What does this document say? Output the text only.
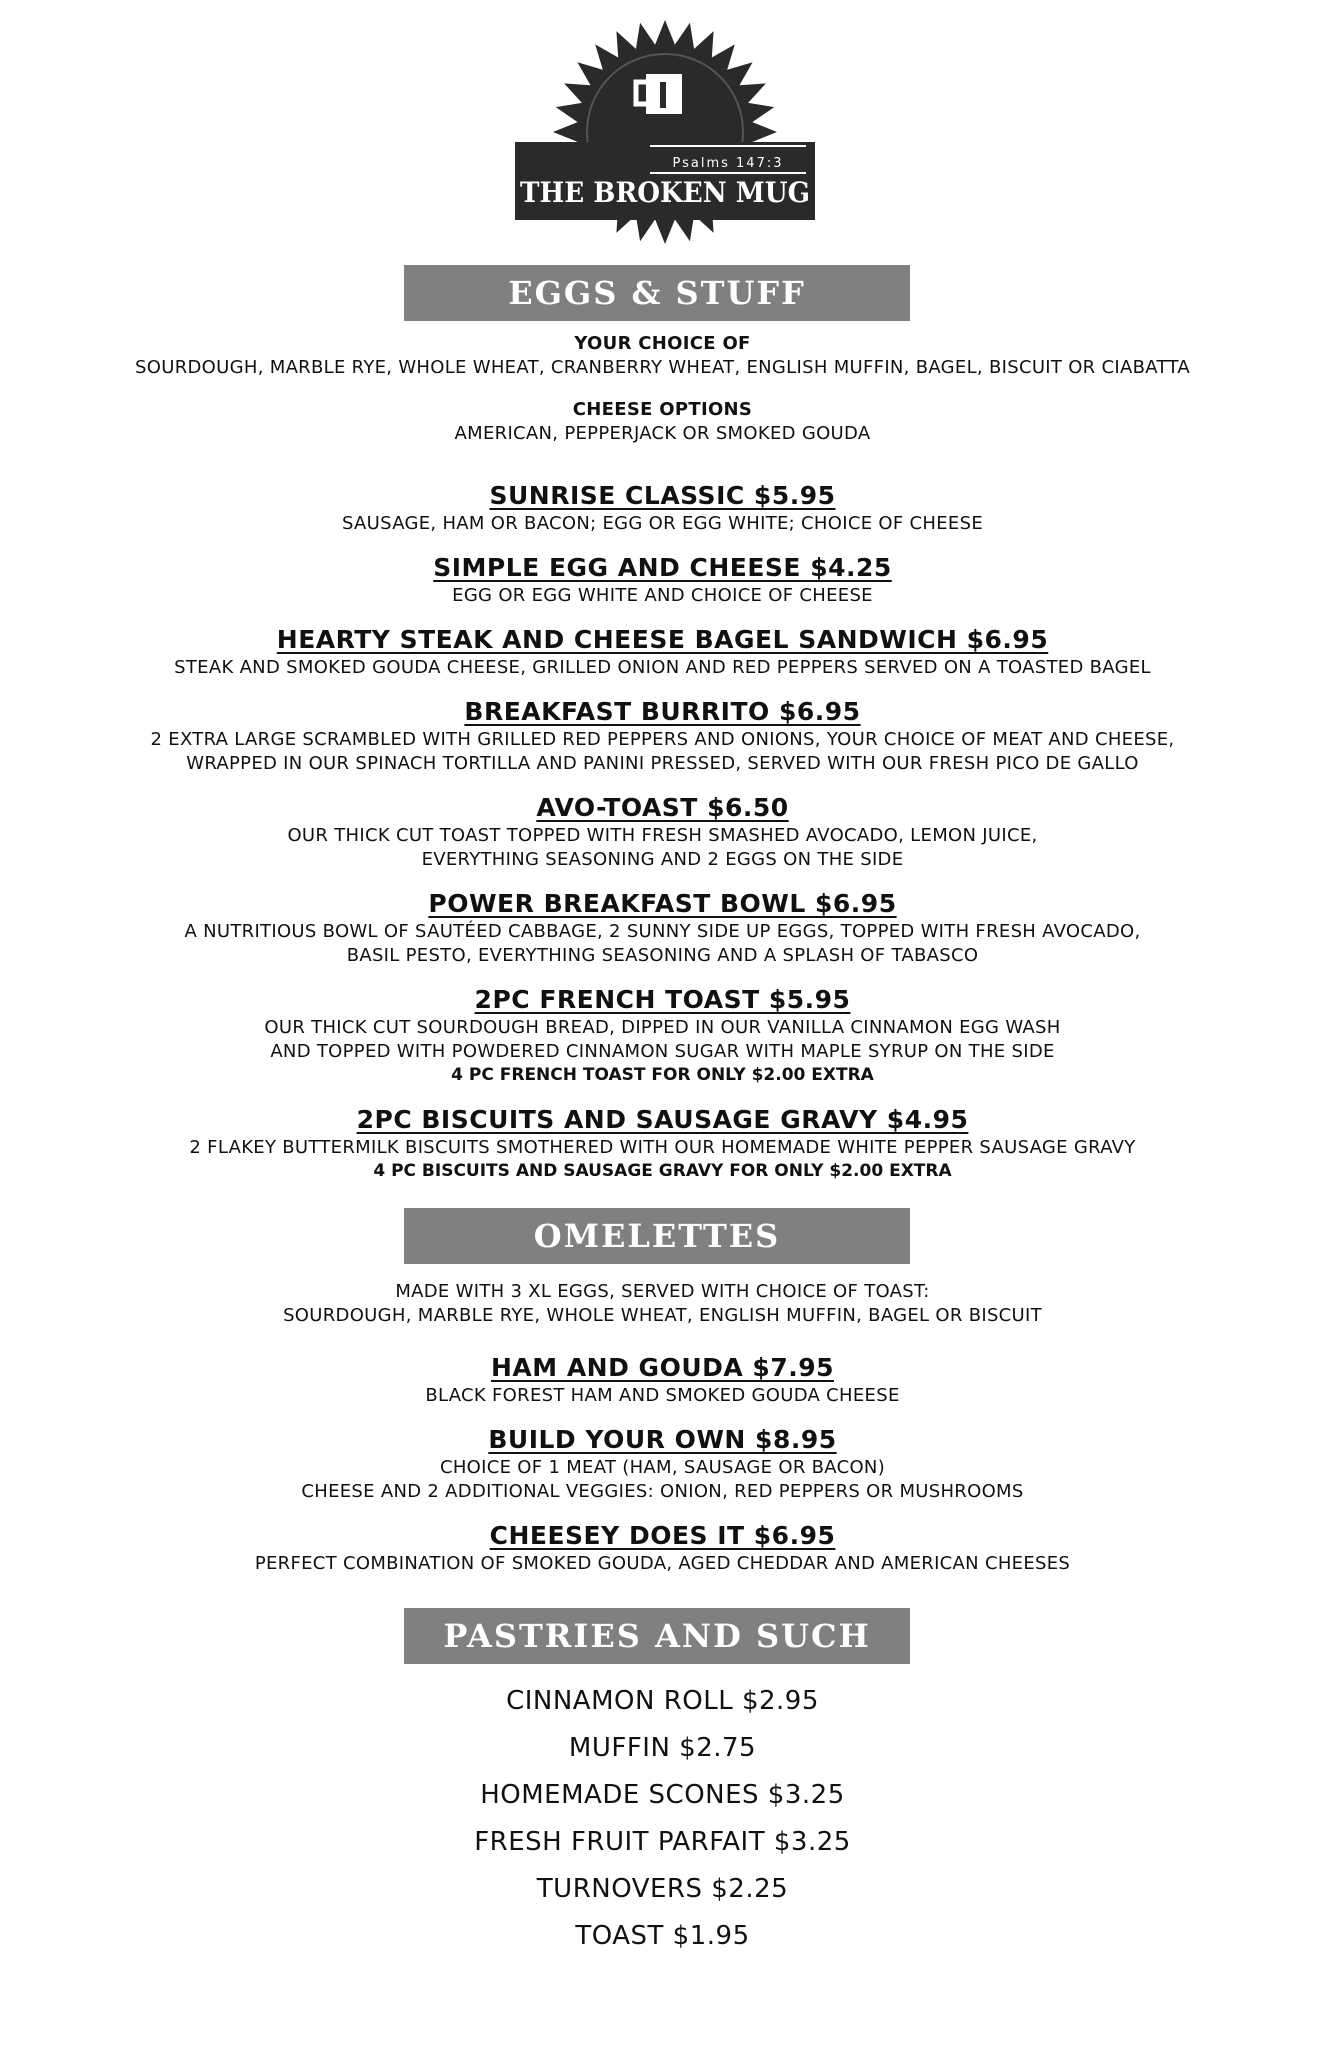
Psalms 147:3
THE BROKEN MUG
EGGS & STUFF
YOUR CHOICE OF
SOURDOUGH, MARBLE RYE, WHOLE WHEAT, CRANBERRY WHEAT, ENGLISH MUFFIN, BAGEL, BISCUIT OR CIABATTA
CHEESE OPTIONS
AMERICAN, PEPPERJACK OR SMOKED GOUDA
SUNRISE CLASSIC $5.95
SAUSAGE, HAM OR BACON; EGG OR EGG WHITE; CHOICE OF CHEESE
SIMPLE EGG AND CHEESE $4.25
EGG OR EGG WHITE AND CHOICE OF CHEESE
HEARTY STEAK AND CHEESE BAGEL SANDWICH $6.95
STEAK AND SMOKED GOUDA CHEESE, GRILLED ONION AND RED PEPPERS SERVED ON A TOASTED BAGEL
BREAKFAST BURRITO $6.95
2 EXTRA LARGE SCRAMBLED WITH GRILLED RED PEPPERS AND ONIONS, YOUR CHOICE OF MEAT AND CHEESE,
WRAPPED IN OUR SPINACH TORTILLA AND PANINI PRESSED, SERVED WITH OUR FRESH PICO DE GALLO
AVO-TOAST $6.50
OUR THICK CUT TOAST TOPPED WITH FRESH SMASHED AVOCADO, LEMON JUICE,
EVERYTHING SEASONING AND 2 EGGS ON THE SIDE
POWER BREAKFAST BOWL $6.95
A NUTRITIOUS BOWL OF SAUTÉED CABBAGE, 2 SUNNY SIDE UP EGGS, TOPPED WITH FRESH AVOCADO,
BASIL PESTO, EVERYTHING SEASONING AND A SPLASH OF TABASCO
2PC FRENCH TOAST $5.95
OUR THICK CUT SOURDOUGH BREAD, DIPPED IN OUR VANILLA CINNAMON EGG WASH
AND TOPPED WITH POWDERED CINNAMON SUGAR WITH MAPLE SYRUP ON THE SIDE
4 PC FRENCH TOAST FOR ONLY $2.00 EXTRA
2PC BISCUITS AND SAUSAGE GRAVY $4.95
2 FLAKEY BUTTERMILK BISCUITS SMOTHERED WITH OUR HOMEMADE WHITE PEPPER SAUSAGE GRAVY
4 PC BISCUITS AND SAUSAGE GRAVY FOR ONLY $2.00 EXTRA
OMELETTES
MADE WITH 3 XL EGGS, SERVED WITH CHOICE OF TOAST:
SOURDOUGH, MARBLE RYE, WHOLE WHEAT, ENGLISH MUFFIN, BAGEL OR BISCUIT
HAM AND GOUDA $7.95
BLACK FOREST HAM AND SMOKED GOUDA CHEESE
BUILD YOUR OWN $8.95
CHOICE OF 1 MEAT (HAM, SAUSAGE OR BACON)
CHEESE AND 2 ADDITIONAL VEGGIES: ONION, RED PEPPERS OR MUSHROOMS
CHEESEY DOES IT $6.95
PERFECT COMBINATION OF SMOKED GOUDA, AGED CHEDDAR AND AMERICAN CHEESES
PASTRIES AND SUCH
CINNAMON ROLL $2.95
MUFFIN $2.75
HOMEMADE SCONES $3.25
FRESH FRUIT PARFAIT $3.25
TURNOVERS $2.25
TOAST $1.95
